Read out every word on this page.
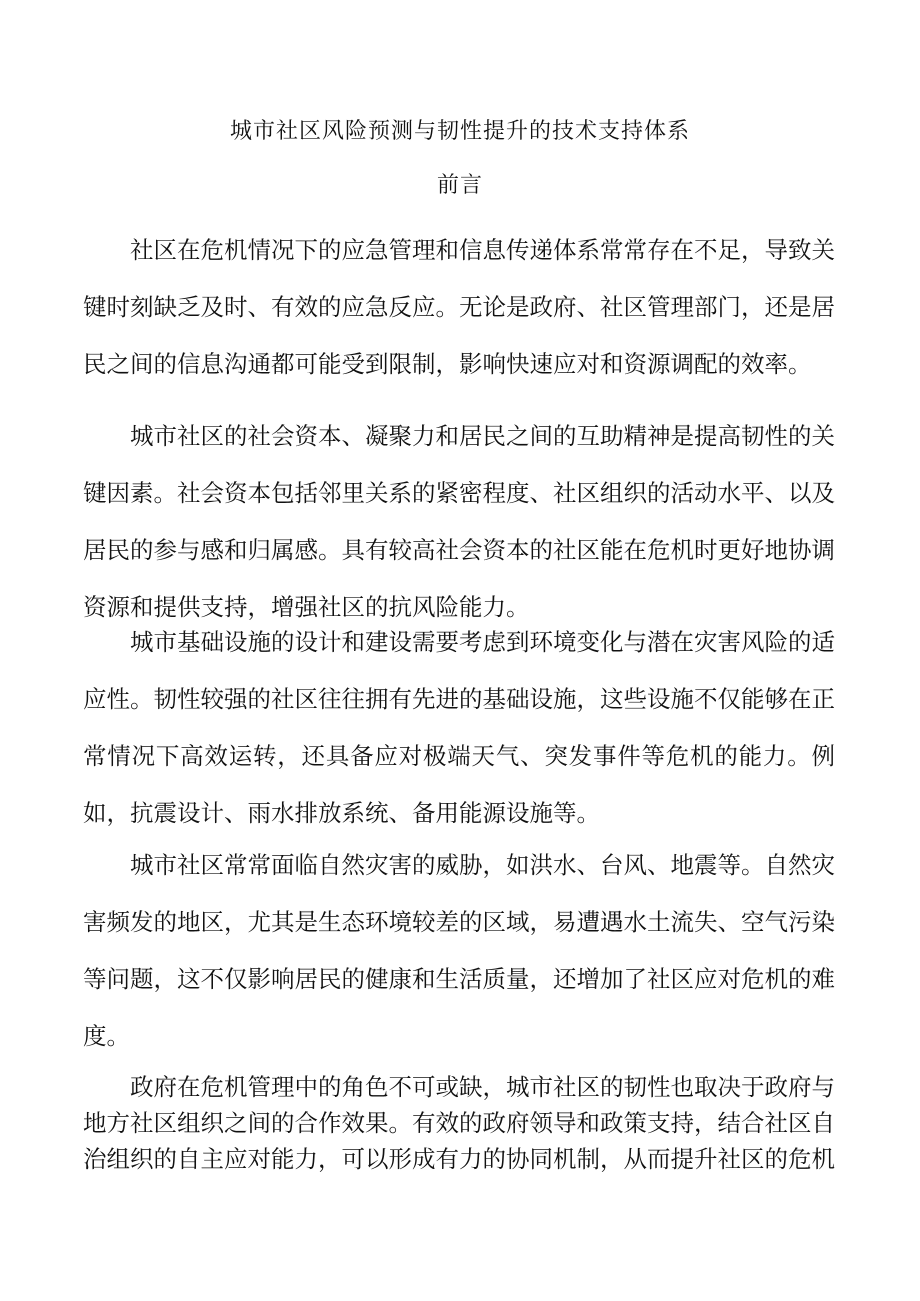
城市社区风险预测与韧性提升的技术支持体系
前言

社区在危机情况下的应急管理和信息传递体系常常存在不足，导致关键时刻缺乏及时、有效的应急反应。无论是政府、社区管理部门，还是居民之间的信息沟通都可能受到限制，影响快速应对和资源调配的效率。

城市社区的社会资本、凝聚力和居民之间的互助精神是提高韧性的关键因素。社会资本包括邻里关系的紧密程度、社区组织的活动水平、以及居民的参与感和归属感。具有较高社会资本的社区能在危机时更好地协调资源和提供支持，增强社区的抗风险能力。

城市基础设施的设计和建设需要考虑到环境变化与潜在灾害风险的适应性。韧性较强的社区往往拥有先进的基础设施，这些设施不仅能够在正常情况下高效运转，还具备应对极端天气、突发事件等危机的能力。例如，抗震设计、雨水排放系统、备用能源设施等。

城市社区常常面临自然灾害的威胁，如洪水、台风、地震等。自然灾害频发的地区，尤其是生态环境较差的区域，易遭遇水土流失、空气污染等问题，这不仅影响居民的健康和生活质量，还增加了社区应对危机的难度。

政府在危机管理中的角色不可或缺，城市社区的韧性也取决于政府与地方社区组织之间的合作效果。有效的政府领导和政策支持，结合社区自治组织的自主应对能力，可以形成有力的协同机制，从而提升社区的危机
